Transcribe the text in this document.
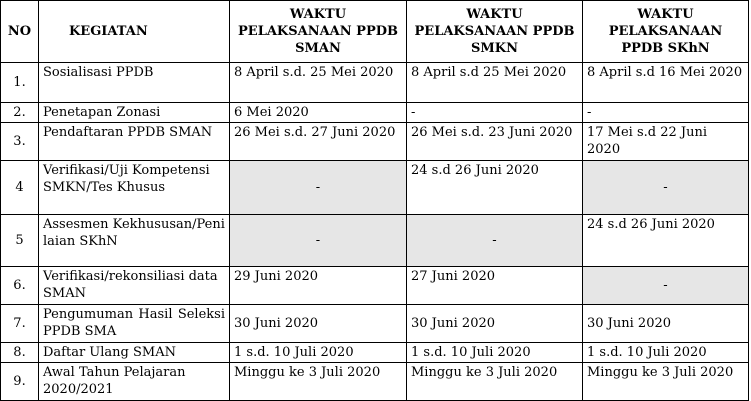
NO	KEGIATAN	WAKTU PELAKSANAAN PPDB SMAN	WAKTU PELAKSANAAN PPDB SMKN	WAKTU PELAKSANAAN PPDB SKhN
1.	Sosialisasi PPDB	8 April s.d. 25 Mei 2020	8 April s.d 25 Mei 2020	8 April s.d 16 Mei 2020
2.	Penetapan Zonasi	6 Mei 2020	-	-
3.	Pendaftaran PPDB SMAN	26 Mei s.d. 27 Juni 2020	26 Mei s.d. 23 Juni 2020	17 Mei s.d 22 Juni 2020
4	Verifikasi/Uji Kompetensi SMKN/Tes Khusus	-	24 s.d 26 Juni 2020	-
5	Assesmen Kekhususan/Penilaian SKhN	-	-	24 s.d 26 Juni 2020
6.	Verifikasi/rekonsiliasi data SMAN	29 Juni 2020	27 Juni 2020	-
7.	Pengumuman Hasil Seleksi PPDB SMA	30 Juni 2020	30 Juni 2020	30 Juni 2020
8.	Daftar Ulang SMAN	1 s.d. 10 Juli 2020	1 s.d. 10 Juli 2020	1 s.d. 10 Juli 2020
9.	Awal Tahun Pelajaran 2020/2021	Minggu ke 3 Juli 2020	Minggu ke 3 Juli 2020	Minggu ke 3 Juli 2020
